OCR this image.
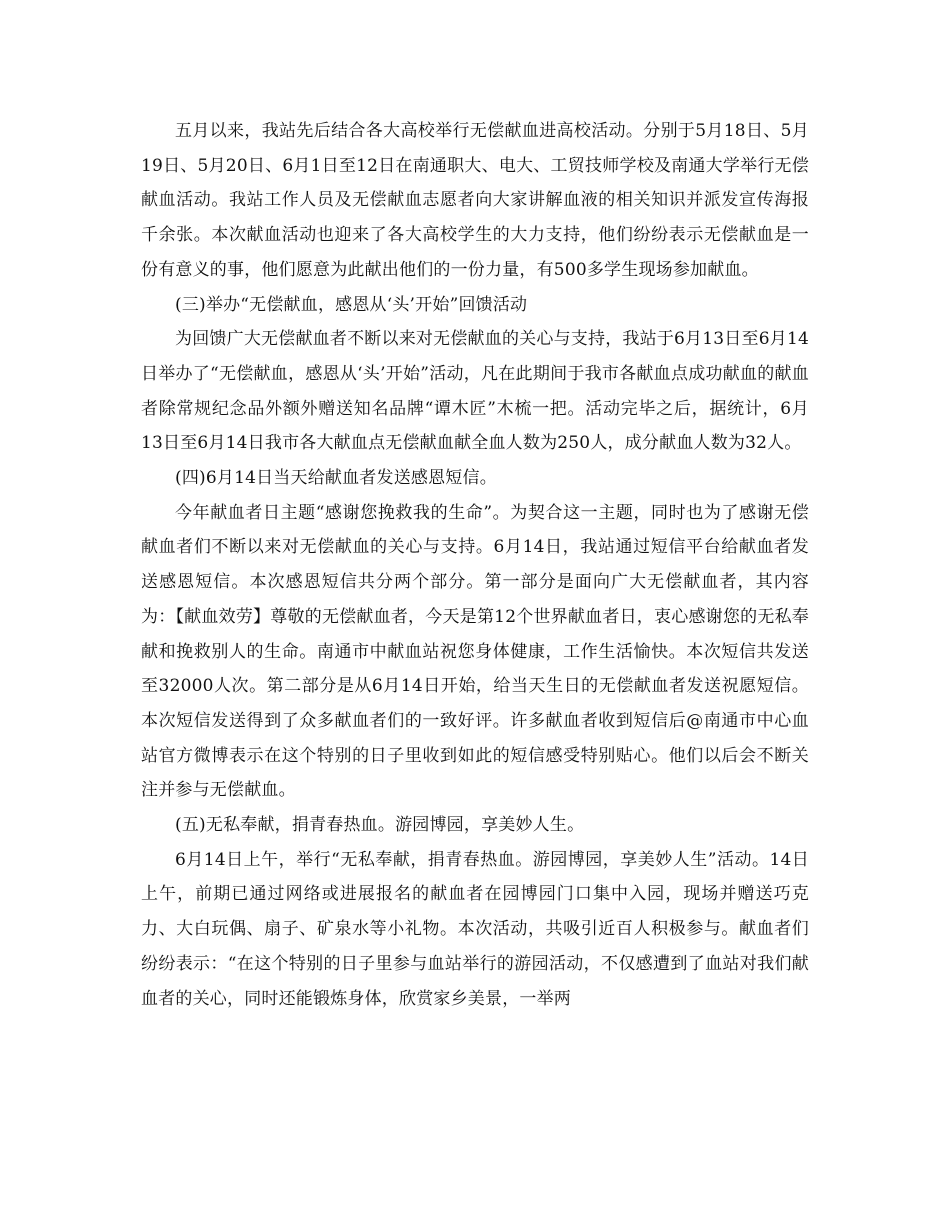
五月以来，我站先后结合各大高校举行无偿献血进高校活动。分别于5月18日、5月19日、5月20日、6月1日至12日在南通职大、电大、工贸技师学校及南通大学举行无偿献血活动。我站工作人员及无偿献血志愿者向大家讲解血液的相关知识并派发宣传海报千余张。本次献血活动也迎来了各大高校学生的大力支持，他们纷纷表示无偿献血是一份有意义的事，他们愿意为此献出他们的一份力量，有500多学生现场参加献血。

(三)举办“无偿献血，感恩从‘头’开始”回馈活动

为回馈广大无偿献血者不断以来对无偿献血的关心与支持，我站于6月13日至6月14日举办了“无偿献血，感恩从‘头’开始”活动，凡在此期间于我市各献血点成功献血的献血者除常规纪念品外额外赠送知名品牌“谭木匠”木梳一把。活动完毕之后，据统计，6月13日至6月14日我市各大献血点无偿献血献全血人数为250人，成分献血人数为32人。

(四)6月14日当天给献血者发送感恩短信。

今年献血者日主题“感谢您挽救我的生命”。为契合这一主题，同时也为了感谢无偿献血者们不断以来对无偿献血的关心与支持。6月14日，我站通过短信平台给献血者发送感恩短信。本次感恩短信共分两个部分。第一部分是面向广大无偿献血者，其内容为：【献血效劳】尊敬的无偿献血者，今天是第12个世界献血者日，衷心感谢您的无私奉献和挽救别人的生命。南通市中献血站祝您身体健康，工作生活愉快。本次短信共发送至32000人次。第二部分是从6月14日开始，给当天生日的无偿献血者发送祝愿短信。本次短信发送得到了众多献血者们的一致好评。许多献血者收到短信后@南通市中心血站官方微博表示在这个特别的日子里收到如此的短信感受特别贴心。他们以后会不断关注并参与无偿献血。

(五)无私奉献，捐青春热血。游园博园，享美妙人生。

6月14日上午，举行“无私奉献，捐青春热血。游园博园，享美妙人生”活动。14日上午，前期已通过网络或进展报名的献血者在园博园门口集中入园，现场并赠送巧克力、大白玩偶、扇子、矿泉水等小礼物。本次活动，共吸引近百人积极参与。献血者们纷纷表示：“在这个特别的日子里参与血站举行的游园活动，不仅感遭到了血站对我们献血者的关心，同时还能锻炼身体，欣赏家乡美景，一举两
